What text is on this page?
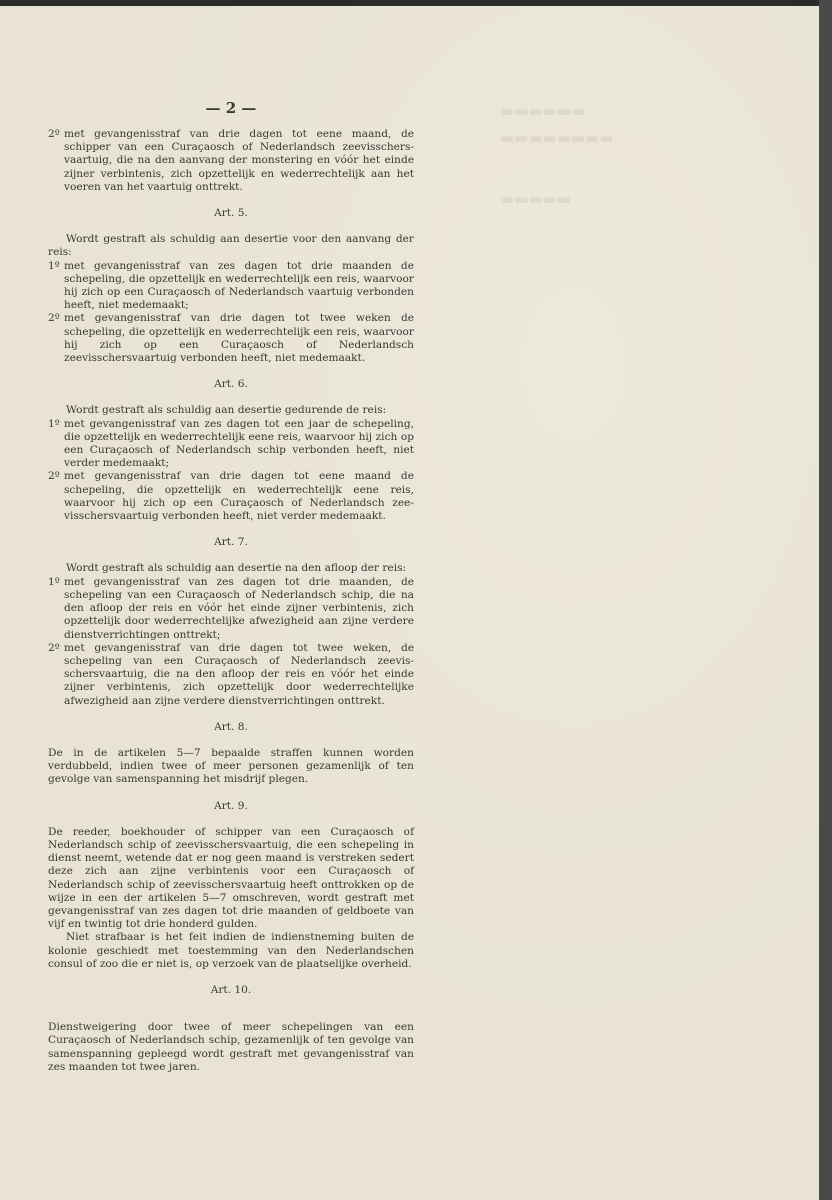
▬▬▬▬▬▬
▬▬▬▬▬▬▬▬
▬▬▬▬▬
— 2 —
2º met gevangenisstraf van drie dagen tot eene maand, de schipper van een Curaçaosch of Nederlandsch zeevisschersvaartuig, die na den aanvang der monstering en vóór het einde zijner verbintenis, zich opzettelijk en wederrechtelijk aan het voeren van het vaartuig onttrekt.
Art. 5.
Wordt gestraft als schuldig aan desertie voor den aanvang der reis:
1º met gevangenisstraf van zes dagen tot drie maanden de schepeling, die opzettelijk en wederrechtelijk een reis, waarvoor hij zich op een Curaçaosch of Nederlandsch vaartuig verbonden heeft, niet medemaakt;
2º met gevangenisstraf van drie dagen tot twee weken de schepeling, die opzettelijk en wederrechtelijk een reis, waarvoor hij zich op een Curaçaosch of Nederlandsch zeevisschersvaartuig verbonden heeft, niet medemaakt.
Art. 6.
Wordt gestraft als schuldig aan desertie gedurende de reis:
1º met gevangenisstraf van zes dagen tot een jaar de schepeling, die opzettelijk en wederrechtelijk eene reis, waarvoor hij zich op een Curaçaosch of Nederlandsch schip verbonden heeft, niet verder medemaakt;
2º met gevangenisstraf van drie dagen tot eene maand de schepeling, die opzettelijk en wederrechtelijk eene reis, waarvoor hij zich op een Curaçaosch of Nederlandsch zeevisschersvaartuig verbonden heeft, niet verder medemaakt.
Art. 7.
Wordt gestraft als schuldig aan desertie na den afloop der reis:
1º met gevangenisstraf van zes dagen tot drie maanden, de schepeling van een Curaçaosch of Nederlandsch schip, die na den afloop der reis en vóór het einde zijner verbintenis, zich opzettelijk door wederrechtelijke afwezigheid aan zijne verdere dienstverrichtingen onttrekt;
2º met gevangenisstraf van drie dagen tot twee weken, de schepeling van een Curaçaosch of Nederlandsch zeevisschersvaartuig, die na den afloop der reis en vóór het einde zijner verbintenis, zich opzettelijk door wederrechtelijke afwezigheid aan zijne verdere dienstverrichtingen onttrekt.
Art. 8.
De in de artikelen 5—7 bepaalde straffen kunnen worden verdubbeld, indien twee of meer personen gezamenlijk of ten gevolge van samenspanning het misdrijf plegen.
Art. 9.
De reeder, boekhouder of schipper van een Curaçaosch of Nederlandsch schip of zeevisschersvaartuig, die een schepeling in dienst neemt, wetende dat er nog geen maand is verstreken sedert deze zich aan zijne verbintenis voor een Curaçaosch of Nederlandsch schip of zeevisschersvaartuig heeft onttrokken op de wijze in een der artikelen 5—7 omschreven, wordt gestraft met gevangenisstraf van zes dagen tot drie maanden of geldboete van vijf en twintig tot drie honderd gulden.
Niet strafbaar is het feit indien de indienstneming buiten de kolonie geschiedt met toestemming van den Nederlandschen consul of zoo die er niet is, op verzoek van de plaatselijke overheid.
Art. 10.
Dienstweigering door twee of meer schepelingen van een Curaçaosch of Nederlandsch schip, gezamenlijk of ten gevolge van samenspanning gepleegd wordt gestraft met gevangenisstraf van zes maanden tot twee jaren.
